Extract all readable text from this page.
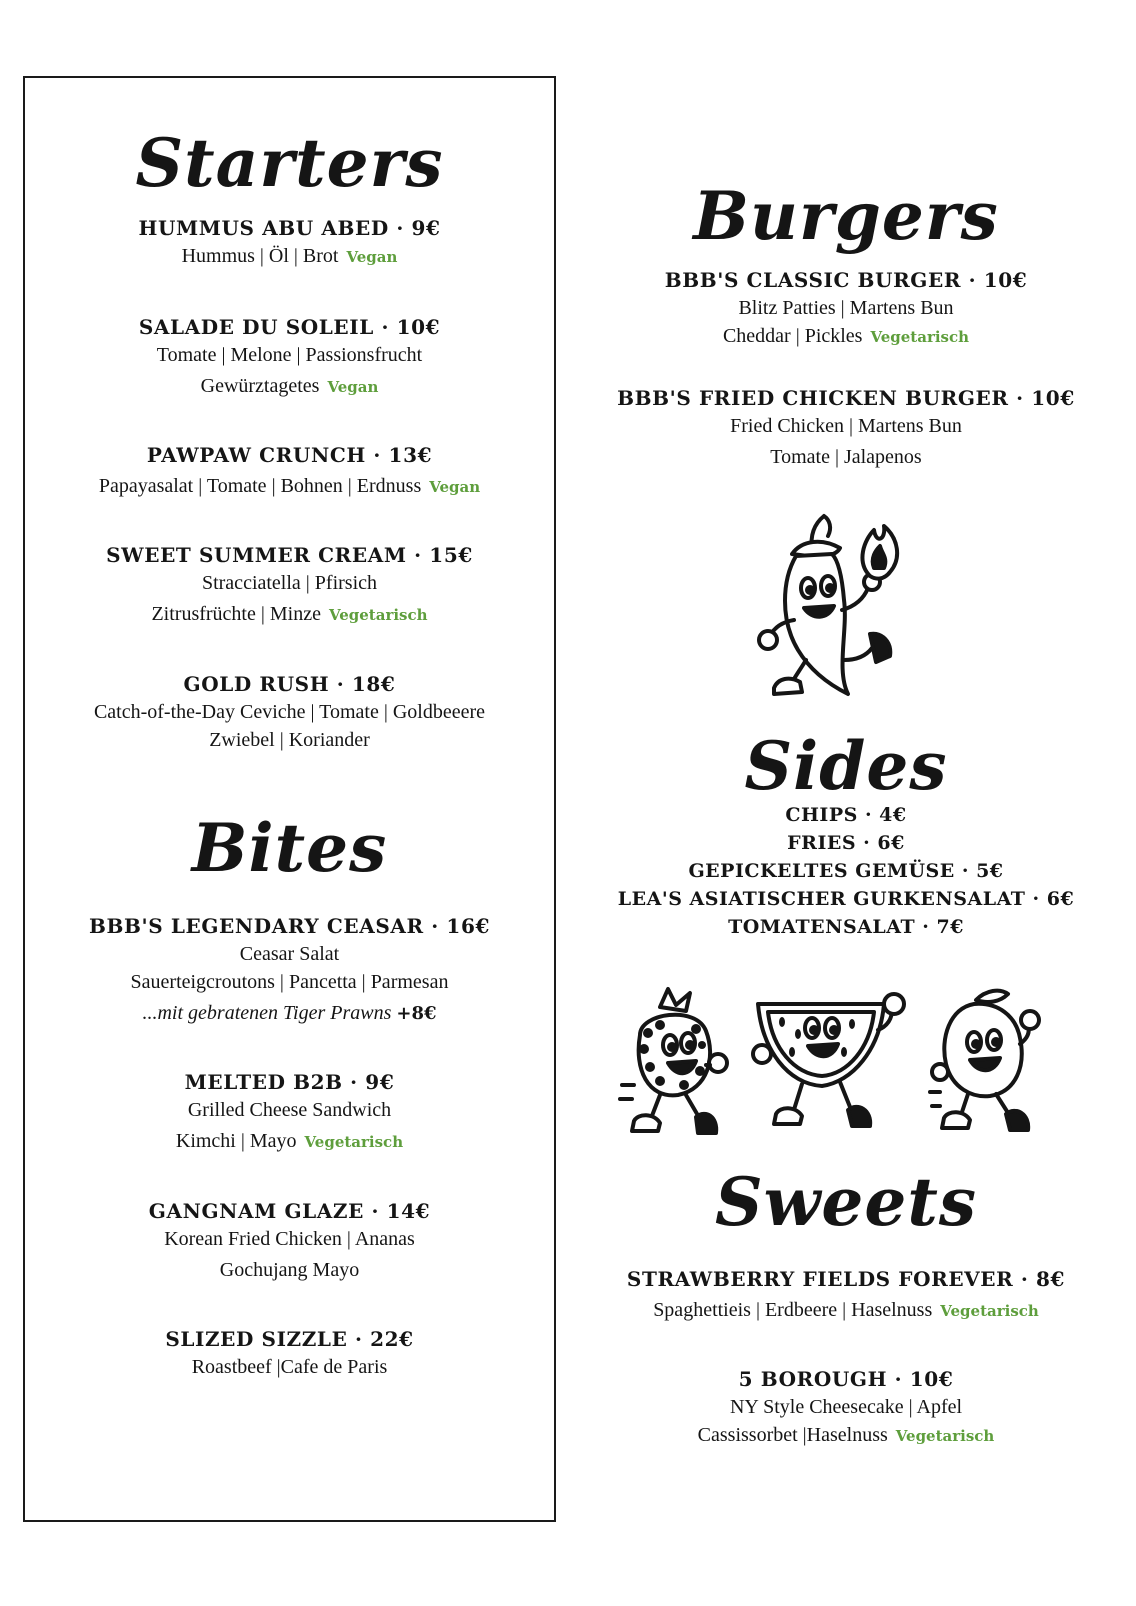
Starters
HUMMUS ABU ABED · 9€
Hummus | Öl | Brot Vegan
SALADE DU SOLEIL · 10€
Tomate | Melone | Passionsfrucht
Gewürztagetes Vegan
PAWPAW CRUNCH · 13€
Papayasalat | Tomate | Bohnen | Erdnuss Vegan
SWEET SUMMER CREAM · 15€
Stracciatella | Pfirsich
Zitrusfrüchte | Minze Vegetarisch
GOLD RUSH · 18€
Catch-of-the-Day Ceviche | Tomate | Goldbeeere
Zwiebel | Koriander
Bites
BBB'S LEGENDARY CEASAR · 16€
Ceasar Salat
Sauerteigcroutons | Pancetta | Parmesan
...mit gebratenen Tiger Prawns +8€
MELTED B2B · 9€
Grilled Cheese Sandwich
Kimchi | Mayo Vegetarisch
GANGNAM GLAZE · 14€
Korean Fried Chicken | Ananas
Gochujang Mayo
SLIZED SIZZLE · 22€
Roastbeef |Cafe de Paris
Burgers
BBB'S CLASSIC BURGER · 10€
Blitz Patties | Martens Bun
Cheddar | Pickles Vegetarisch
BBB'S FRIED CHICKEN BURGER · 10€
Fried Chicken | Martens Bun
Tomate | Jalapenos
Sides
CHIPS · 4€
FRIES · 6€
GEPICKELTES GEMÜSE · 5€
LEA'S ASIATISCHER GURKENSALAT · 6€
TOMATENSALAT · 7€
Sweets
STRAWBERRY FIELDS FOREVER · 8€
Spaghettieis | Erdbeere | Haselnuss Vegetarisch
5 BOROUGH · 10€
NY Style Cheesecake | Apfel
Cassissorbet |Haselnuss Vegetarisch
